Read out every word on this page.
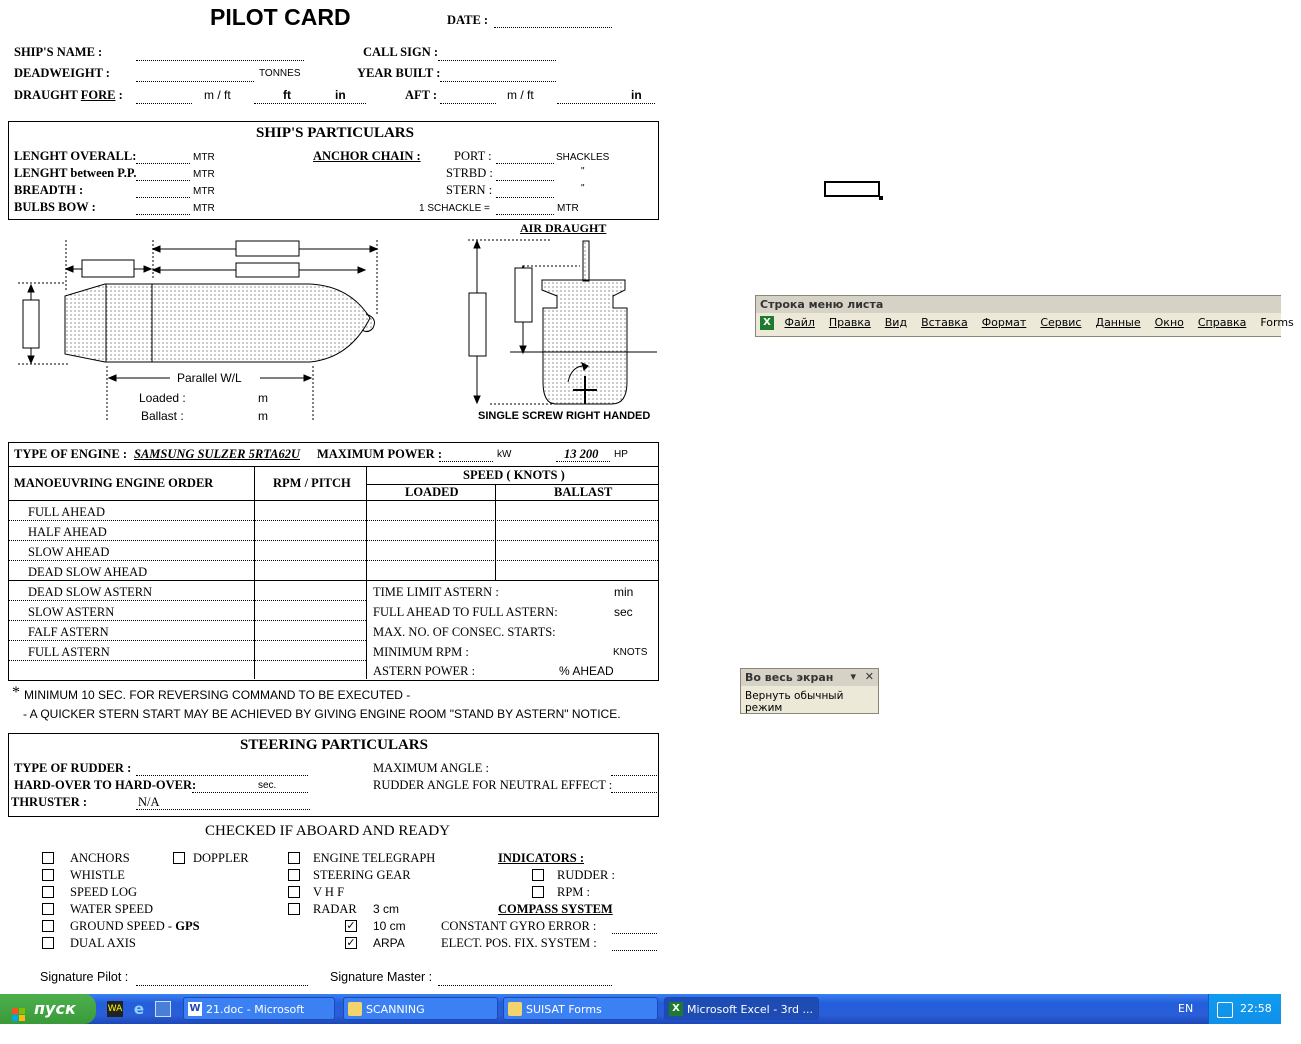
PILOT CARD	DATE :
SHIP'S NAME :	CALL SIGN :
DEADWEIGHT :	TONNES	YEAR BUILT :
DRAUGHT FORE :	m / ft	ft	in	AFT :	m / ft	in
SHIP'S PARTICULARS
LENGHT OVERALL:	MTR
LENGHT between P.P.	MTR
BREADTH :	MTR
BULBS BOW :	MTR
ANCHOR CHAIN :	PORT :	SHACKLES
STRBD :	"
STERN :	"
1 SCHACKLE =	MTR
Parallel W/L
Loaded :	m
Ballast :	m
AIR DRAUGHT
SINGLE SCREW RIGHT HANDED
TYPE OF ENGINE : SAMSUNG SULZER 5RTA62U MAXIMUM POWER :	kW	13 200 HP
MANOEUVRING ENGINE ORDER	RPM / PITCH
SPEED ( KNOTS )
LOADED	BALLAST
FULL AHEAD
HALF AHEAD
SLOW AHEAD
DEAD SLOW AHEAD
DEAD SLOW ASTERN
SLOW ASTERN
FALF ASTERN
FULL ASTERN
TIME LIMIT ASTERN :	min
FULL AHEAD TO FULL ASTERN:	sec
MAX. NO. OF CONSEC. STARTS:
MINIMUM RPM :	KNOTS
ASTERN POWER :	% AHEAD
* MINIMUM 10 SEC. FOR REVERSING COMMAND TO BE EXECUTED -
- A QUICKER STERN START MAY BE ACHIEVED BY GIVING ENGINE ROOM "STAND BY ASTERN" NOTICE.
STEERING PARTICULARS
TYPE OF RUDDER :
HARD-OVER TO HARD-OVER:	sec.
THRUSTER :	N/A
MAXIMUM ANGLE :
RUDDER ANGLE FOR NEUTRAL EFFECT :
CHECKED IF ABOARD AND READY
ANCHORS	DOPPLER
WHISTLE
SPEED LOG
WATER SPEED
GROUND SPEED - GPS
DUAL AXIS
ENGINE TELEGRAPH
STEERING GEAR
V H F
RADAR 3 cm
✓ 10 cm
✓ ARPA
INDICATORS :
RUDDER :
RPM :
COMPASS SYSTEM
CONSTANT GYRO ERROR :
ELECT. POS. FIX. SYSTEM :
Signature Pilot :	Signature Master :
Строка меню листа
X Файл Правка Вид Вставка Формат Сервис Данные Окно Справка Forms
Во весь экран ▾ ✕
Вернуть обычный режим
пуск	WA e	W 21.doc - Microsoft Word
SCANNING	SUISAT Forms	X Microsoft Excel - 3rd ...	EN	22:58
